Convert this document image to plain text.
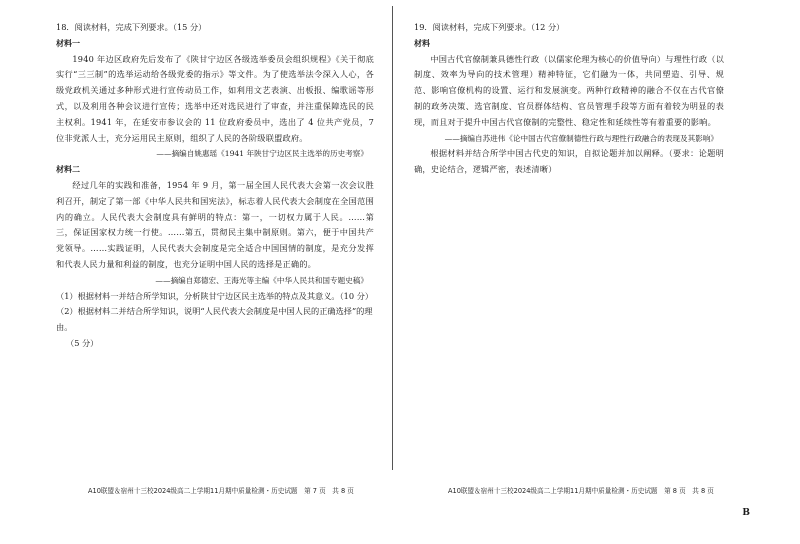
18．阅读材料，完成下列要求。（15 分）

材料一

1940 年边区政府先后发布了《陕甘宁边区各级选举委员会组织规程》《关于彻底实行“三三制”的选举运动给各级党委的指示》等文件。为了使选举法令深入人心，各级党政机关通过多种形式进行宣传动员工作，如利用文艺表演、出板报、编歌谣等形式，以及利用各种会议进行宣传；选举中还对选民进行了审查，并注重保障选民的民主权利。1941 年，在延安市参议会的 11 位政府委员中，选出了 4 位共产党员，7 位非党派人士，充分运用民主原则，组织了人民的各阶级联盟政府。

——摘编自姚惠瑶《1941 年陕甘宁边区民主选举的历史考察》

材料二

经过几年的实践和准备，1954 年 9 月，第一届全国人民代表大会第一次会议胜利召开，制定了第一部《中华人民共和国宪法》，标志着人民代表大会制度在全国范围内的确立。人民代表大会制度具有鲜明的特点：第一，一切权力属于人民。……第三，保证国家权力统一行使。……第五，贯彻民主集中制原则。第六，便于中国共产党领导。……实践证明，人民代表大会制度是完全适合中国国情的制度，是充分发挥和代表人民力量和利益的制度，也充分证明中国人民的选择是正确的。

——摘编自郑德宏、王海光等主编《中华人民共和国专题史稿》

（1）根据材料一并结合所学知识，分析陕甘宁边区民主选举的特点及其意义。（10 分）

（2）根据材料二并结合所学知识，说明“人民代表大会制度是中国人民的正确选择”的理由。

（5 分）

A10联盟＆宿州十三校2024级高二上学期11月期中质量检测・历史试题　第 7 页　共 8 页

19．阅读材料，完成下列要求。（12 分）

材料

中国古代官僚制兼具德性行政（以儒家伦理为核心的价值导向）与理性行政（以制度、效率为导向的技术管理）精神特征，它们融为一体，共同塑造、引导、规范、影响官僚机构的设置、运行和发展演变。两种行政精神的融合不仅在古代官僚制的政务决策、选官制度、官员群体结构、官员管理手段等方面有着较为明显的表现，而且对于提升中国古代官僚制的完整性、稳定性和延续性等有着重要的影响。

——摘编自苏进伟《论中国古代官僚制德性行政与理性行政融合的表现及其影响》

根据材料并结合所学中国古代史的知识，自拟论题并加以阐释。（要求：论题明确，史论结合，逻辑严密，表述清晰）

A10联盟＆宿州十三校2024级高二上学期11月期中质量检测・历史试题　第 8 页　共 8 页
B
